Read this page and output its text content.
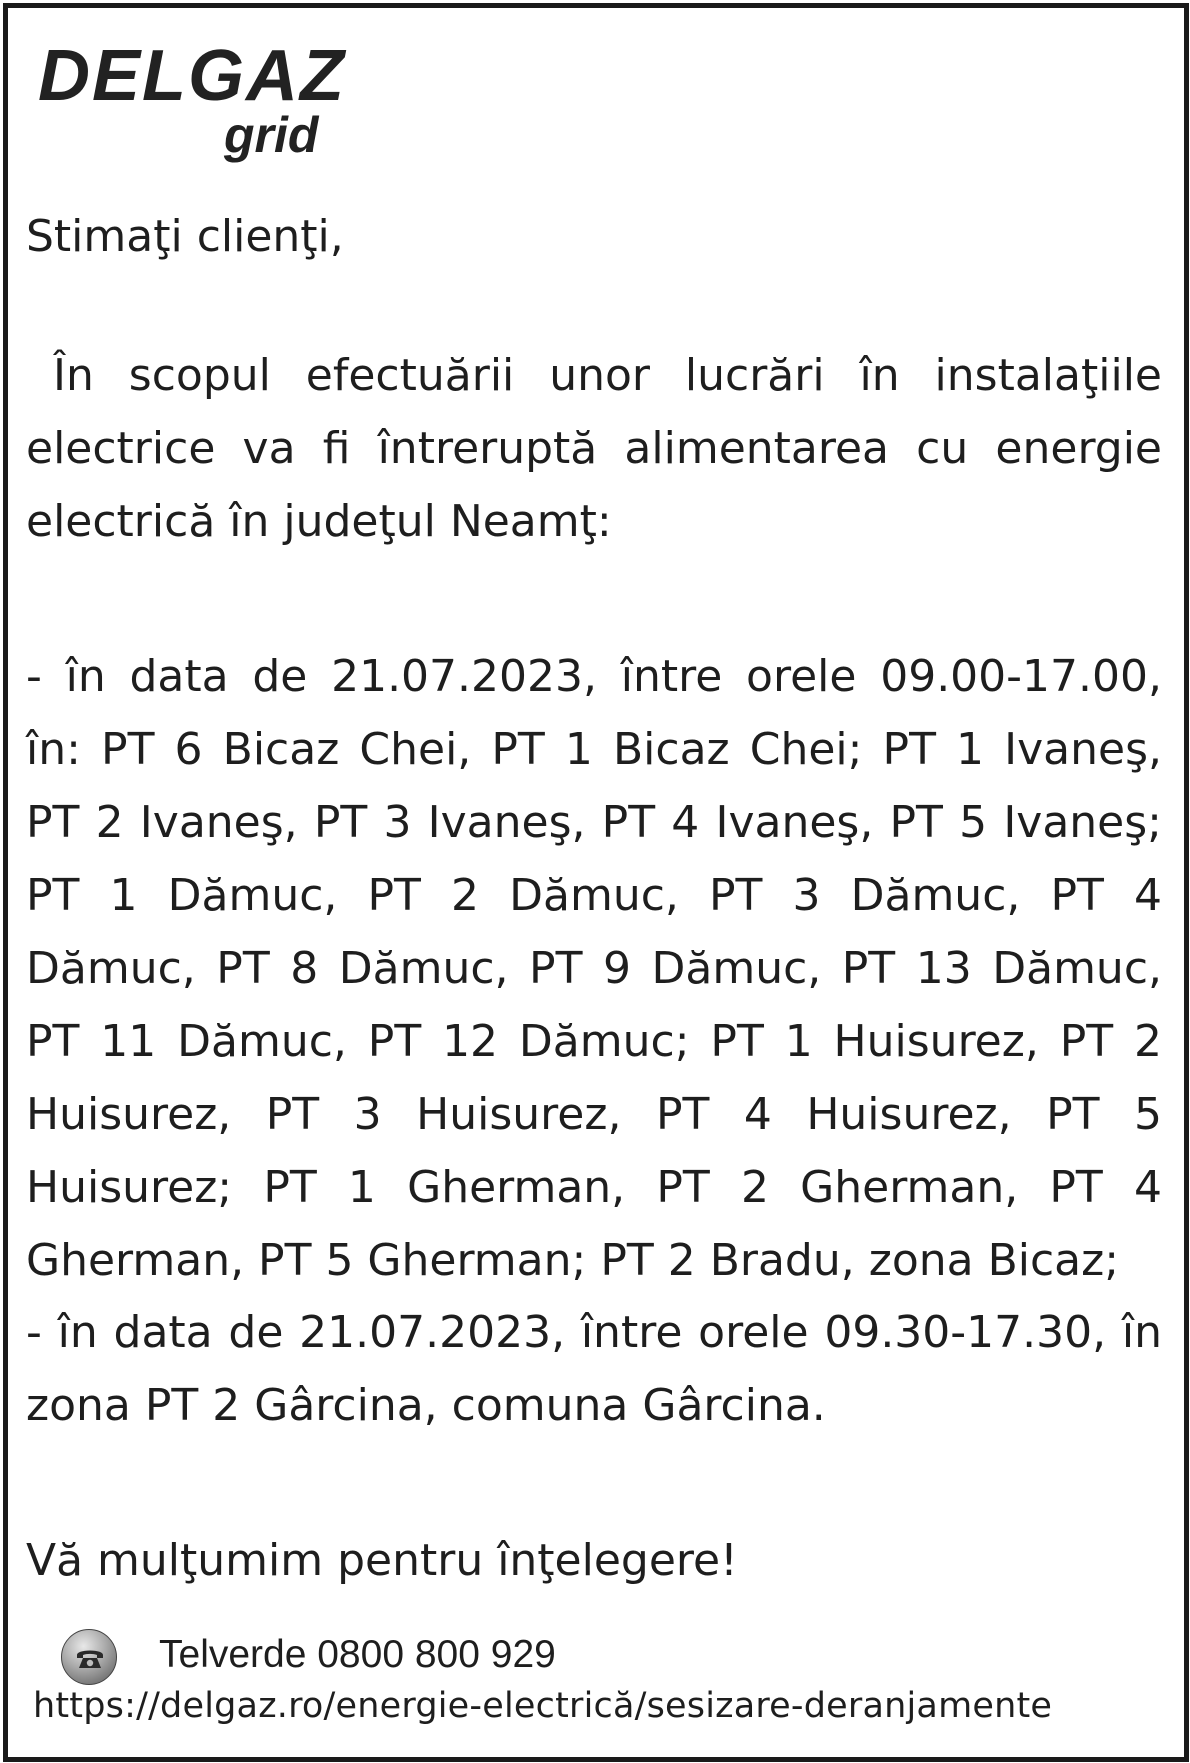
DELGAZ
grid

Stimaţi clienţi,

În scopul efectuării unor lucrări în instalaţiile electrice va fi întreruptă alimentarea cu energie electrică în judeţul Neamţ:

- în data de 21.07.2023, între orele 09.00-17.00, în: PT 6 Bicaz Chei, PT 1 Bicaz Chei; PT 1 Ivaneş, PT 2 Ivaneş, PT 3 Ivaneş, PT 4 Ivaneş, PT 5 Ivaneş; PT 1 Dămuc, PT 2 Dămuc, PT 3 Dămuc, PT 4 Dămuc, PT 8 Dămuc, PT 9 Dămuc, PT 13 Dămuc, PT 11 Dămuc, PT 12 Dămuc; PT 1 Huisurez, PT 2 Huisurez, PT 3 Huisurez, PT 4 Huisurez, PT 5 Huisurez; PT 1 Gherman, PT 2 Gherman, PT 4 Gherman, PT 5 Gherman; PT 2 Bradu, zona Bicaz;

- în data de 21.07.2023, între orele 09.30-17.30, în zona PT 2 Gârcina, comuna Gârcina.

Vă mulţumim pentru înţelegere!

Telverde 0800 800 929
https://delgaz.ro/energie-electrică/sesizare-deranjamente
